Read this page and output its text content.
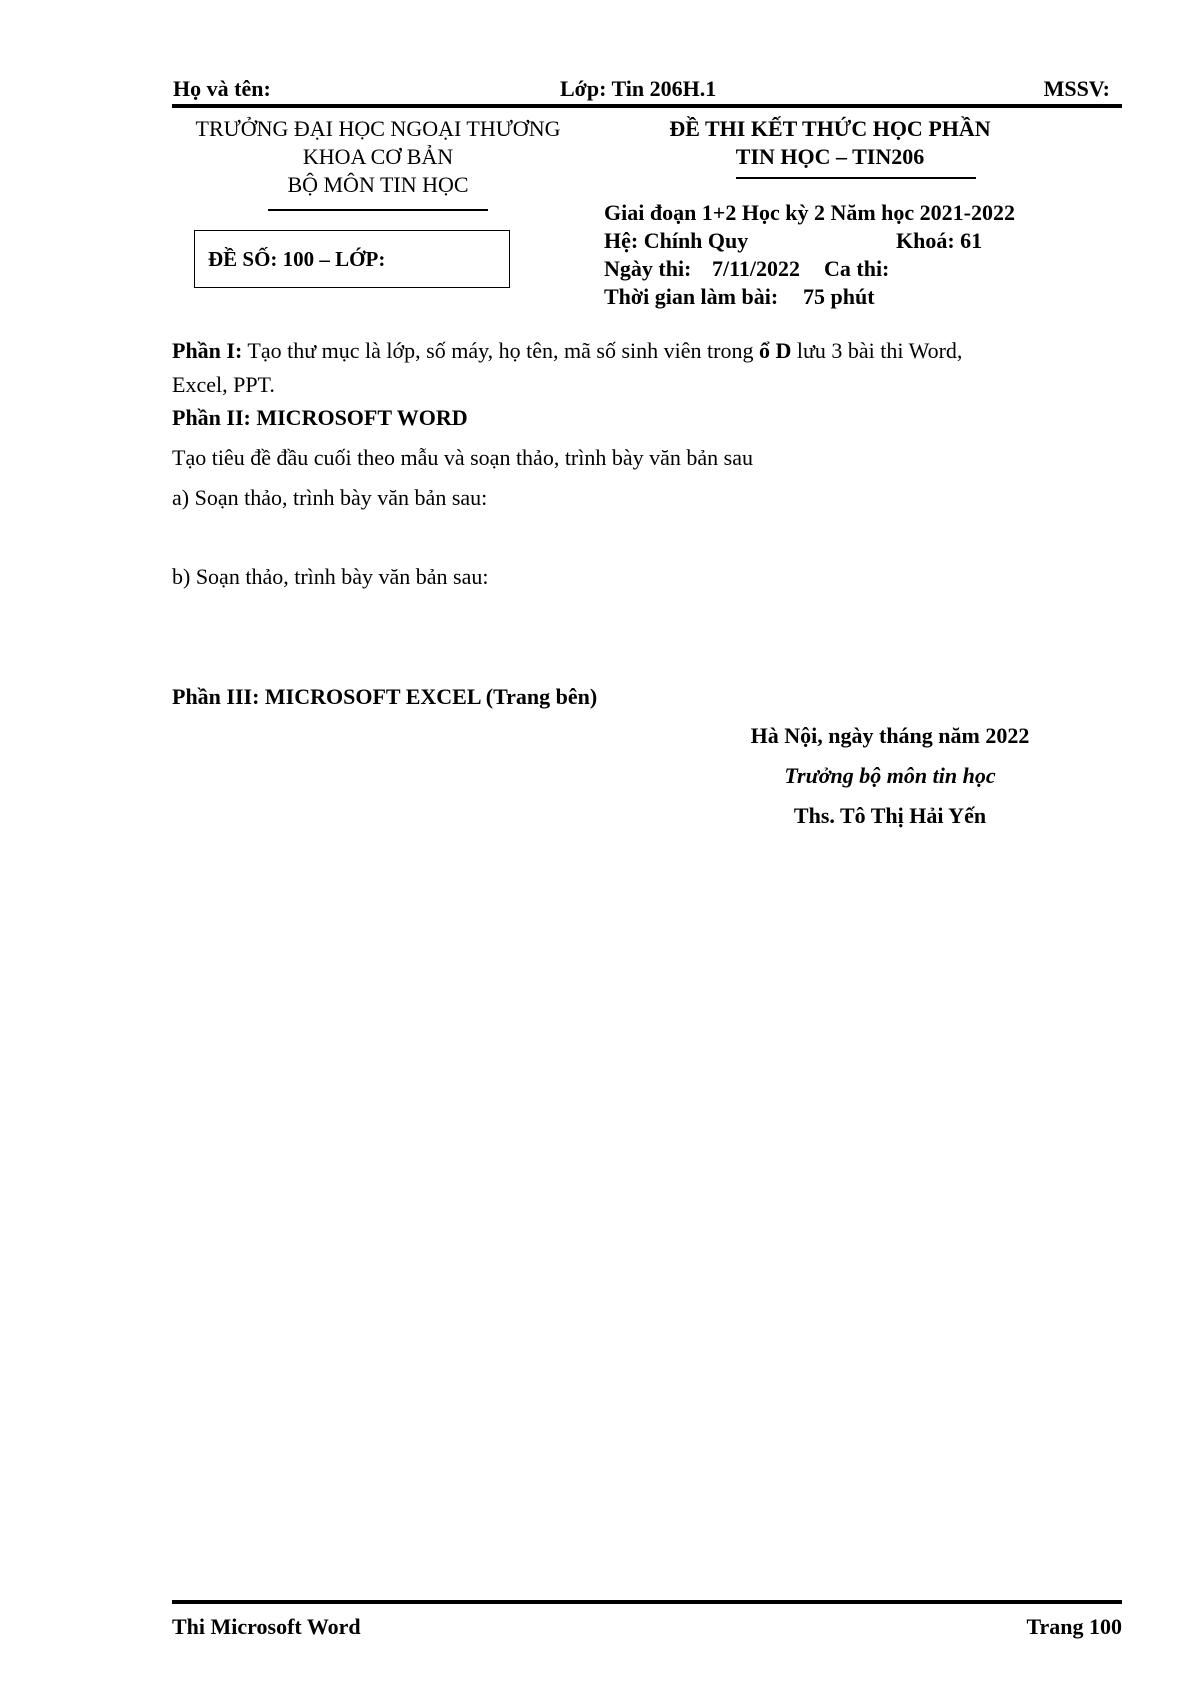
Họ và tên:	Lớp: Tin 206H.1	MSSV:
TRƯỞNG ĐẠI HỌC NGOẠI THƯƠNG
KHOA CƠ BẢN
BỘ MÔN TIN HỌC
ĐỀ SỐ: 100 – LỚP:
ĐỀ THI KẾT THỨC HỌC PHẦN
TIN HỌC – TIN206
Giai đoạn 1+2 Học kỳ 2 Năm học 2021-2022
Hệ: Chính Quy	Khoá: 61
Ngày thi: 7/11/2022 Ca thi:
Thời gian làm bài: 75 phút
Phần I: Tạo thư mục là lớp, số máy, họ tên, mã số sinh viên trong ổ D lưu 3 bài thi Word,
Excel, PPT.
Phần II: MICROSOFT WORD
Tạo tiêu đề đầu cuối theo mẫu và soạn thảo, trình bày văn bản sau
a) Soạn thảo, trình bày văn bản sau:
b) Soạn thảo, trình bày văn bản sau:
Phần III: MICROSOFT EXCEL (Trang bên)
Hà Nội, ngày tháng năm 2022
Trưởng bộ môn tin học
Ths. Tô Thị Hải Yến
Thi Microsoft Word	Trang 100
